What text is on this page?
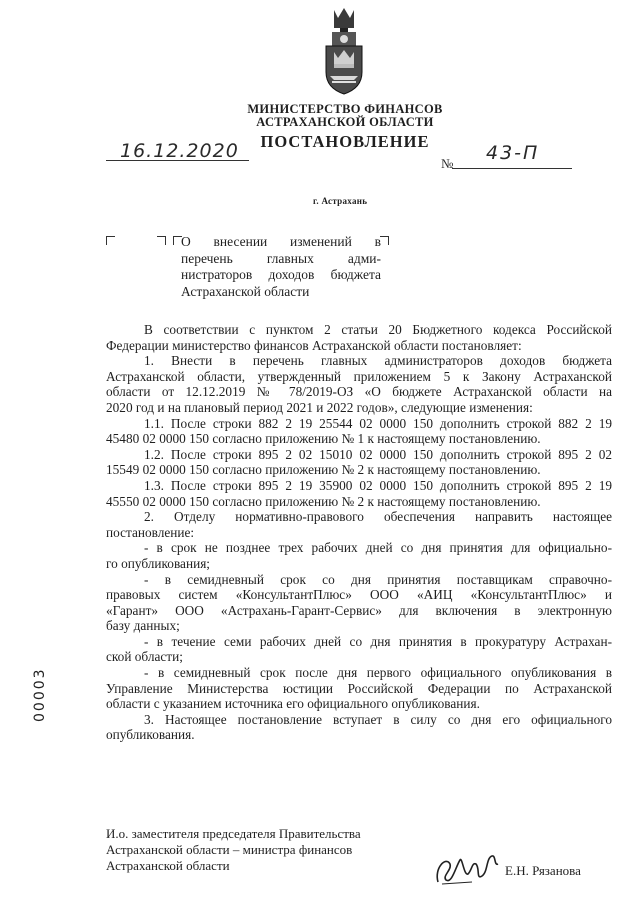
МИНИСТЕРСТВО ФИНАНСОВ
АСТРАХАНСКОЙ ОБЛАСТИ
ПОСТАНОВЛЕНИЕ
16.12.2020
№ 43-П
г. Астрахань
О внесении изменений в
перечень главных адми-
нистраторов доходов бюджета
Астраханской области
В соответствии с пунктом 2 статьи 20 Бюджетного кодекса Российской
Федерации министерство финансов Астраханской области постановляет:
1. Внести в перечень главных администраторов доходов бюджета
Астраханской области, утвержденный приложением 5 к Закону Астраханской
области от 12.12.2019 № 78/2019-ОЗ «О бюджете Астраханской области на
2020 год и на плановый период 2021 и 2022 годов», следующие изменения:
1.1. После строки 882 2 19 25544 02 0000 150 дополнить строкой 882 2 19
45480 02 0000 150 согласно приложению № 1 к настоящему постановлению.
1.2. После строки 895 2 02 15010 02 0000 150 дополнить строкой 895 2 02
15549 02 0000 150 согласно приложению № 2 к настоящему постановлению.
1.3. После строки 895 2 19 35900 02 0000 150 дополнить строкой 895 2 19
45550 02 0000 150 согласно приложению № 2 к настоящему постановлению.
2. Отделу нормативно-правового обеспечения направить настоящее
постановление:
- в срок не позднее трех рабочих дней со дня принятия для официально-
го опубликования;
- в семидневный срок со дня принятия поставщикам справочно-
правовых систем «КонсультантПлюс» ООО «АИЦ «КонсультантПлюс» и
«Гарант» ООО «Астрахань-Гарант-Сервис» для включения в электронную
базу данных;
- в течение семи рабочих дней со дня принятия в прокуратуру Астрахан-
ской области;
- в семидневный срок после дня первого официального опубликования в
Управление Министерства юстиции Российской Федерации по Астраханской
области с указанием источника его официального опубликования.
3. Настоящее постановление вступает в силу со дня его официального
опубликования.
00003
И.о. заместителя председателя Правительства
Астраханской области – министра финансов
Астраханской области	Е.Н. Рязанова
